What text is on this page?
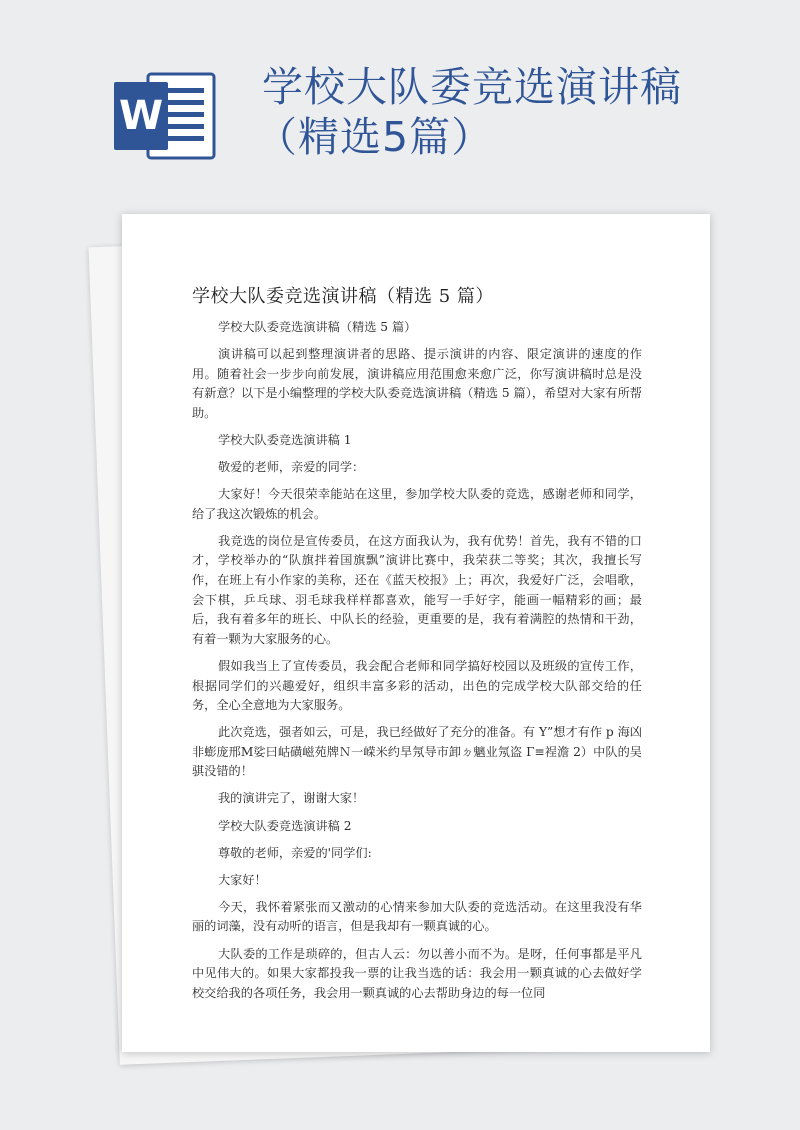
W
学校大队委竞选演讲稿
（精选5篇）
学校大队委竞选演讲稿（精选 5 篇）

学校大队委竞选演讲稿（精选 5 篇）

演讲稿可以起到整理演讲者的思路、提示演讲的内容、限定演讲的速度的作用。随着社会一步步向前发展，演讲稿应用范围愈来愈广泛，你写演讲稿时总是没有新意？以下是小编整理的学校大队委竞选演讲稿（精选 5 篇），希望对大家有所帮助。

学校大队委竞选演讲稿 1

敬爱的老师，亲爱的同学：

大家好！今天很荣幸能站在这里，参加学校大队委的竞选，感谢老师和同学，给了我这次锻炼的机会。

我竞选的岗位是宣传委员，在这方面我认为，我有优势！首先，我有不错的口才，学校举办的“队旗拌着国旗飘”演讲比赛中，我荣获二等奖；其次，我擅长写作，在班上有小作家的美称，还在《蓝天校报》上；再次，我爱好广泛，会唱歌，会下棋，乒乓球、羽毛球我样样都喜欢，能写一手好字，能画一幅精彩的画；最后，我有着多年的班长、中队长的经验，更重要的是，我有着满腔的热情和干劲，有着一颗为大家服务的心。

假如我当上了宣传委员，我会配合老师和同学搞好校园以及班级的宣传工作，根据同学们的兴趣爱好，组织丰富多彩的活动，出色的完成学校大队部交给的任务，全心全意地为大家服务。

此次竞选，强者如云，可是，我已经做好了充分的准备。有 Y”想才有作 p 海凶非蟛庞邢M娑曰岵磺嵫苑牌Ｎ一嵘米约旱氖导市卸ㄉ魑业氖盗 Γ≡裎澹 2）中队的吴骐没错的！

我的演讲完了，谢谢大家！

学校大队委竞选演讲稿 2

尊敬的老师，亲爱的'同学们:

大家好！

今天，我怀着紧张而又激动的心情来参加大队委的竞选活动。在这里我没有华丽的词藻，没有动听的语言，但是我却有一颗真诚的心。

大队委的工作是琐碎的，但古人云：勿以善小而不为。是呀，任何事都是平凡中见伟大的。如果大家都投我一票的让我当选的话：我会用一颗真诚的心去做好学校交给我的各项任务，我会用一颗真诚的心去帮助身边的每一位同
